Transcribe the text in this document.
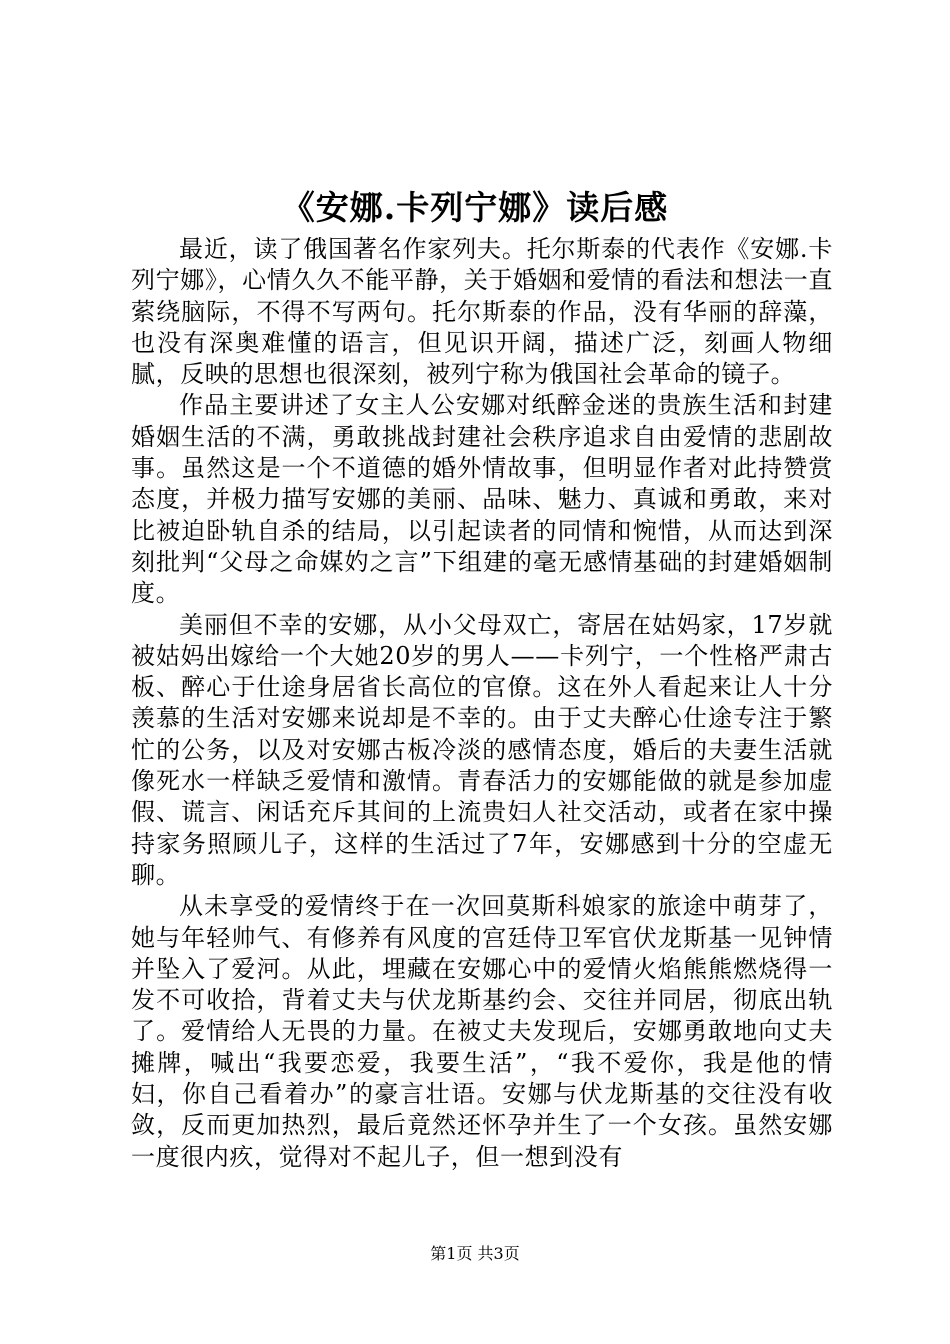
《安娜.卡列宁娜》读后感

最近，读了俄国著名作家列夫。托尔斯泰的代表作《安娜.卡列宁娜》，心情久久不能平静，关于婚姻和爱情的看法和想法一直萦绕脑际，不得不写两句。托尔斯泰的作品，没有华丽的辞藻，也没有深奥难懂的语言，但见识开阔，描述广泛，刻画人物细腻，反映的思想也很深刻，被列宁称为俄国社会革命的镜子。

作品主要讲述了女主人公安娜对纸醉金迷的贵族生活和封建婚姻生活的不满，勇敢挑战封建社会秩序追求自由爱情的悲剧故事。虽然这是一个不道德的婚外情故事，但明显作者对此持赞赏态度，并极力描写安娜的美丽、品味、魅力、真诚和勇敢，来对比被迫卧轨自杀的结局，以引起读者的同情和惋惜，从而达到深刻批判“父母之命媒妁之言”下组建的毫无感情基础的封建婚姻制度。

美丽但不幸的安娜，从小父母双亡，寄居在姑妈家，17岁就被姑妈出嫁给一个大她20岁的男人——卡列宁，一个性格严肃古板、醉心于仕途身居省长高位的官僚。这在外人看起来让人十分羡慕的生活对安娜来说却是不幸的。由于丈夫醉心仕途专注于繁忙的公务，以及对安娜古板冷淡的感情态度，婚后的夫妻生活就像死水一样缺乏爱情和激情。青春活力的安娜能做的就是参加虚假、谎言、闲话充斥其间的上流贵妇人社交活动，或者在家中操持家务照顾儿子，这样的生活过了7年，安娜感到十分的空虚无聊。

从未享受的爱情终于在一次回莫斯科娘家的旅途中萌芽了，她与年轻帅气、有修养有风度的宫廷侍卫军官伏龙斯基一见钟情并坠入了爱河。从此，埋藏在安娜心中的爱情火焰熊熊燃烧得一发不可收拾，背着丈夫与伏龙斯基约会、交往并同居，彻底出轨了。爱情给人无畏的力量。在被丈夫发现后，安娜勇敢地向丈夫摊牌，喊出“我要恋爱，我要生活”，“我不爱你，我是他的情妇，你自己看着办”的豪言壮语。安娜与伏龙斯基的交往没有收敛，反而更加热烈，最后竟然还怀孕并生了一个女孩。虽然安娜一度很内疚，觉得对不起儿子，但一想到没有

第1页 共3页
